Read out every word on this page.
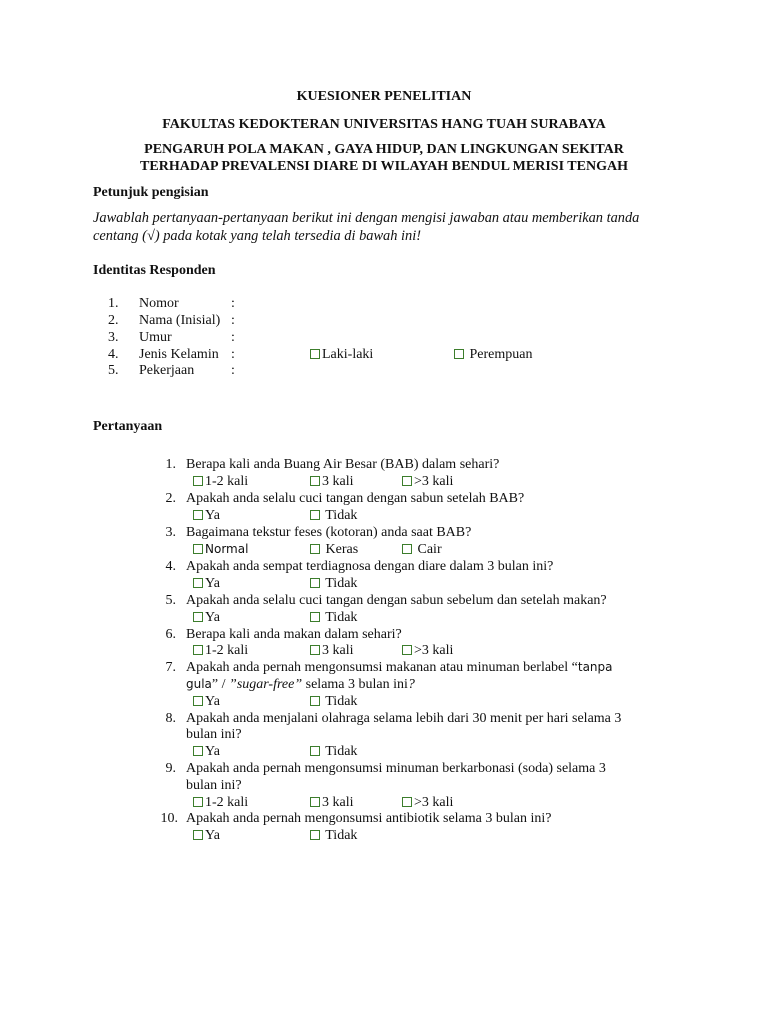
KUESIONER PENELITIAN
FAKULTAS KEDOKTERAN UNIVERSITAS HANG TUAH SURABAYA
PENGARUH POLA MAKAN , GAYA HIDUP, DAN LINGKUNGAN SEKITAR
TERHADAP PREVALENSI DIARE DI WILAYAH BENDUL MERISI TENGAH
Petunjuk pengisian
Jawablah pertanyaan-pertanyaan berikut ini dengan mengisi jawaban atau memberikan tanda
centang (√) pada kotak yang telah tersedia di bawah ini!
Identitas Responden
1. Nomor	:
2. Nama (Inisial) :
3. Umur	:
4. Jenis Kelamin :	Laki-laki	Perempuan
5. Pekerjaan	:
Pertanyaan
1. Berapa kali anda Buang Air Besar (BAB) dalam sehari?
1-2 kali	3 kali	>3 kali
2. Apakah anda selalu cuci tangan dengan sabun setelah BAB?
Ya	Tidak
3. Bagaimana tekstur feses (kotoran) anda saat BAB?
Normal	Keras	Cair
4. Apakah anda sempat terdiagnosa dengan diare dalam 3 bulan ini?
Ya	Tidak
5. Apakah anda selalu cuci tangan dengan sabun sebelum dan setelah makan?
Ya	Tidak
6. Berapa kali anda makan dalam sehari?
1-2 kali	3 kali	>3 kali
7. Apakah anda pernah mengonsumsi makanan atau minuman berlabel “tanpa
gula” / ”sugar-free” selama 3 bulan ini?
Ya	Tidak
8. Apakah anda menjalani olahraga selama lebih dari 30 menit per hari selama 3
bulan ini?
Ya	Tidak
9. Apakah anda pernah mengonsumsi minuman berkarbonasi (soda) selama 3
bulan ini?
1-2 kali	3 kali	>3 kali
10. Apakah anda pernah mengonsumsi antibiotik selama 3 bulan ini?
Ya	Tidak
